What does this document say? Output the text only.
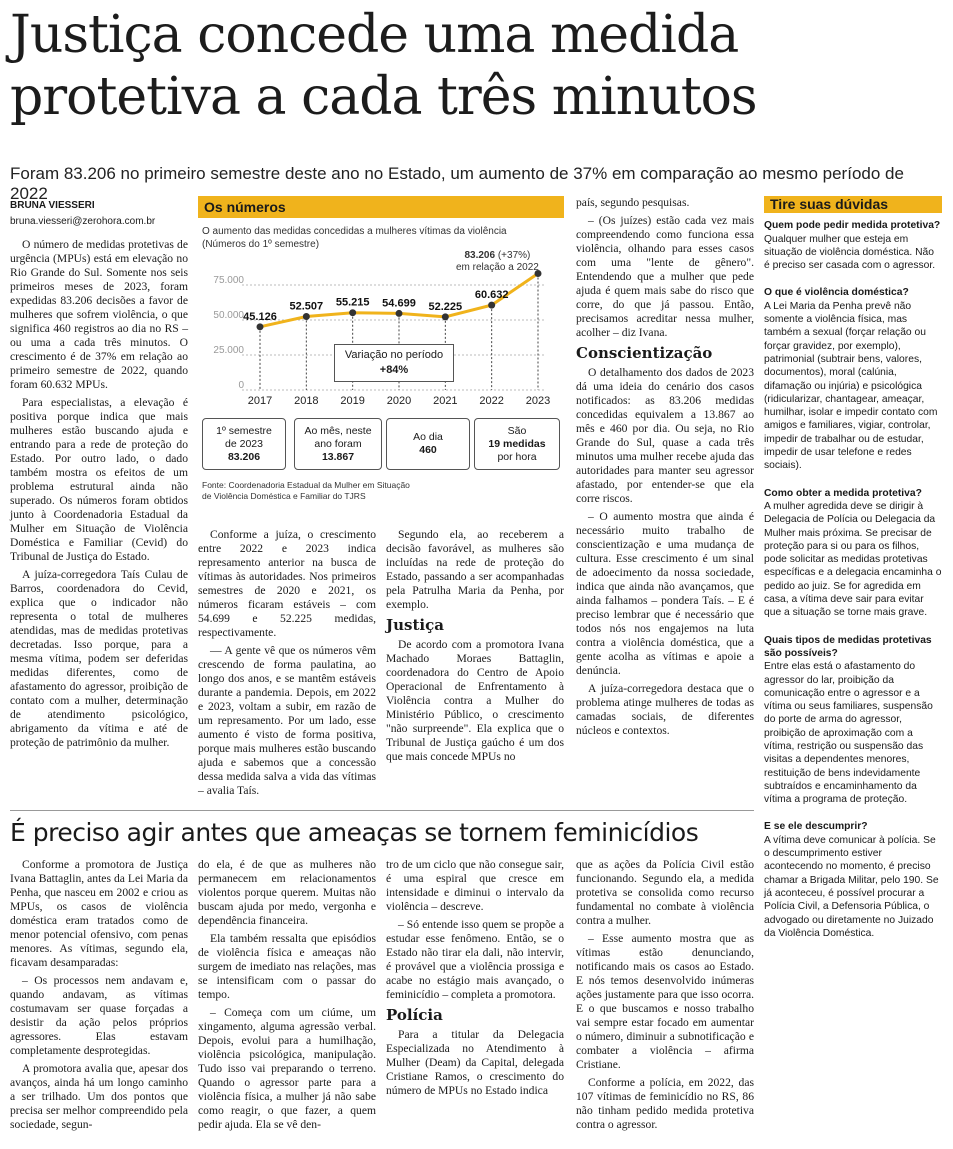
Justiça concede uma medida
protetiva a cada três minutos
Foram 83.206 no primeiro semestre deste ano no Estado, um aumento de 37% em comparação ao mesmo período de 2022
BRUNA VIESSERI
bruna.viesseri@zerohora.com.br

O número de medidas protetivas de urgência (MPUs) está em elevação no Rio Grande do Sul. Somente nos seis primeiros meses de 2023, foram expedidas 83.206 decisões a favor de mulheres que sofrem violência, o que significa 460 registros ao dia no RS – ou uma a cada três minutos. O crescimento é de 37% em relação ao primeiro semestre de 2022, quando foram 60.632 MPUs.

Para especialistas, a elevação é positiva porque indica que mais mulheres estão buscando ajuda e entrando para a rede de proteção do Estado. Por outro lado, o dado também mostra os efeitos de um problema estrutural ainda não superado. Os números foram obtidos junto à Coordenadoria Estadual da Mulher em Situação de Violência Doméstica e Familiar (Cevid) do Tribunal de Justiça do Estado.

A juíza-corregedora Taís Culau de Barros, coordenadora do Cevid, explica que o indicador não representa o total de mulheres atendidas, mas de medidas protetivas decretadas. Isso porque, para a mesma vítima, podem ser deferidas medidas diferentes, como de afastamento do agressor, proibição de contato com a mulher, determinação de atendimento psicológico, abrigamento da vítima e até de proteção de patrimônio da mulher.

Os números
O aumento das medidas concedidas a mulheres vítimas da violência
(Números do 1º semestre)
0
25.000
50.000
75.000
2017 2018 2019 2020 2021 2022 2023
45.126
52.507 55.215 54.699 52.225
60.632
83.206 (+37%)
em relação a 2022
Variação no período
+84%
1º semestre
de 2023
83.206
Ao mês, neste
ano foram
13.867
Ao dia
460
São
19 medidas
por hora
Fonte: Coordenadoria Estadual da Mulher em Situação
de Violência Doméstica e Familiar do TJRS

Conforme a juíza, o crescimento entre 2022 e 2023 indica represamento anterior na busca de vítimas às autoridades. Nos primeiros semestres de 2020 e 2021, os números ficaram estáveis – com 54.699 e 52.225 medidas, respectivamente.

— A gente vê que os números vêm crescendo de forma paulatina, ao longo dos anos, e se mantêm estáveis durante a pandemia. Depois, em 2022 e 2023, voltam a subir, em razão de um represamento. Por um lado, esse aumento é visto de forma positiva, porque mais mulheres estão buscando ajuda e sabemos que a concessão dessa medida salva a vida das vítimas – avalia Taís.

Segundo ela, ao receberem a decisão favorável, as mulheres são incluídas na rede de proteção do Estado, passando a ser acompanhadas pela Patrulha Maria da Penha, por exemplo.

Justiça

De acordo com a promotora Ivana Machado Moraes Battaglin, coordenadora do Centro de Apoio Operacional de Enfrentamento à Violência contra a Mulher do Ministério Público, o crescimento "não surpreende". Ela explica que o Tribunal de Justiça gaúcho é um dos que mais concede MPUs no

país, segundo pesquisas.

– (Os juízes) estão cada vez mais compreendendo como funciona essa violência, olhando para esses casos com uma "lente de gênero". Entendendo que a mulher que pede ajuda é quem mais sabe do risco que corre, do que já passou. Então, precisamos acreditar nessa mulher, acolher – diz Ivana.

Conscientização

O detalhamento dos dados de 2023 dá uma ideia do cenário dos casos notificados: as 83.206 medidas concedidas equivalem a 13.867 ao mês e 460 por dia. Ou seja, no Rio Grande do Sul, quase a cada três minutos uma mulher recebe ajuda das autoridades para manter seu agressor afastado, por entender-se que ela corre riscos.

– O aumento mostra que ainda é necessário muito trabalho de conscientização e uma mudança de cultura. Esse crescimento é um sinal de adoecimento da nossa sociedade, indica que ainda não avançamos, que ainda falhamos – pondera Taís. – E é preciso lembrar que é necessário que todos nós nos engajemos na luta contra a violência doméstica, que a gente acolha as vítimas e apoie a denúncia.

A juíza-corregedora destaca que o problema atinge mulheres de todas as camadas sociais, de diferentes núcleos e contextos.

Tire suas dúvidas

Quem pode pedir medida protetiva?

Qualquer mulher que esteja em situação de violência doméstica. Não é preciso ser casada com o agressor.

O que é violência doméstica?

A Lei Maria da Penha prevê não somente a violência física, mas também a sexual (forçar relação ou forçar gravidez, por exemplo), patrimonial (subtrair bens, valores, documentos), moral (calúnia, difamação ou injúria) e psicológica (ridicularizar, chantagear, ameaçar, humilhar, isolar e impedir contato com amigos e familiares, vigiar, controlar, impedir de trabalhar ou de estudar, impedir de usar telefone e redes sociais).

Como obter a medida protetiva?

A mulher agredida deve se dirigir à Delegacia de Polícia ou Delegacia da Mulher mais próxima. Se precisar de proteção para si ou para os filhos, pode solicitar as medidas protetivas específicas e a delegacia encaminha o pedido ao juiz. Se for agredida em casa, a vítima deve sair para evitar que a situação se torne mais grave.

Quais tipos de medidas protetivas são possíveis?

Entre elas está o afastamento do agressor do lar, proibição da comunicação entre o agressor e a vítima ou seus familiares, suspensão do porte de arma do agressor, proibição de aproximação com a vítima, restrição ou suspensão das visitas a dependentes menores, restituição de bens indevidamente subtraídos e encaminhamento da vítima a programa de proteção.

E se ele descumprir?

A vítima deve comunicar à polícia. Se o descumprimento estiver acontecendo no momento, é preciso chamar a Brigada Militar, pelo 190. Se já aconteceu, é possível procurar a Polícia Civil, a Defensoria Pública, o advogado ou diretamente no Juizado da Violência Doméstica.

É preciso agir antes que ameaças se tornem feminicídios

Conforme a promotora de Justiça Ivana Battaglin, antes da Lei Maria da Penha, que nasceu em 2002 e criou as MPUs, os casos de violência doméstica eram tratados como de menor potencial ofensivo, com penas menores. As vítimas, segundo ela, ficavam desamparadas:

– Os processos nem andavam e, quando andavam, as vítimas costumavam ser quase forçadas a desistir da ação pelos próprios agressores. Elas estavam completamente desprotegidas.

A promotora avalia que, apesar dos avanços, ainda há um longo caminho a ser trilhado. Um dos pontos que precisa ser melhor compreendido pela sociedade, segun-

do ela, é de que as mulheres não permanecem em relacionamentos violentos porque querem. Muitas não buscam ajuda por medo, vergonha e dependência financeira.

Ela também ressalta que episódios de violência física e ameaças não surgem de imediato nas relações, mas se intensificam com o passar do tempo.

– Começa com um ciúme, um xingamento, alguma agressão verbal. Depois, evolui para a humilhação, violência psicológica, manipulação. Tudo isso vai preparando o terreno. Quando o agressor parte para a violência física, a mulher já não sabe como reagir, o que fazer, a quem pedir ajuda. Ela se vê den-

tro de um ciclo que não consegue sair, é uma espiral que cresce em intensidade e diminui o intervalo da violência – descreve.

– Só entende isso quem se propõe a estudar esse fenômeno. Então, se o Estado não tirar ela dali, não intervir, é provável que a violência prossiga e acabe no estágio mais avançado, o feminicídio – completa a promotora.

Polícia

Para a titular da Delegacia Especializada no Atendimento à Mulher (Deam) da Capital, delegada Cristiane Ramos, o crescimento do número de MPUs no Estado indica

que as ações da Polícia Civil estão funcionando. Segundo ela, a medida protetiva se consolida como recurso fundamental no combate à violência contra a mulher.

– Esse aumento mostra que as vítimas estão denunciando, notificando mais os casos ao Estado. E nós temos desenvolvido inúmeras ações justamente para que isso ocorra. E o que buscamos e nosso trabalho vai sempre estar focado em aumentar o número, diminuir a subnotificação e combater a violência – afirma Cristiane.

Conforme a polícia, em 2022, das 107 vítimas de feminicídio no RS, 86 não tinham pedido medida protetiva contra o agressor.
